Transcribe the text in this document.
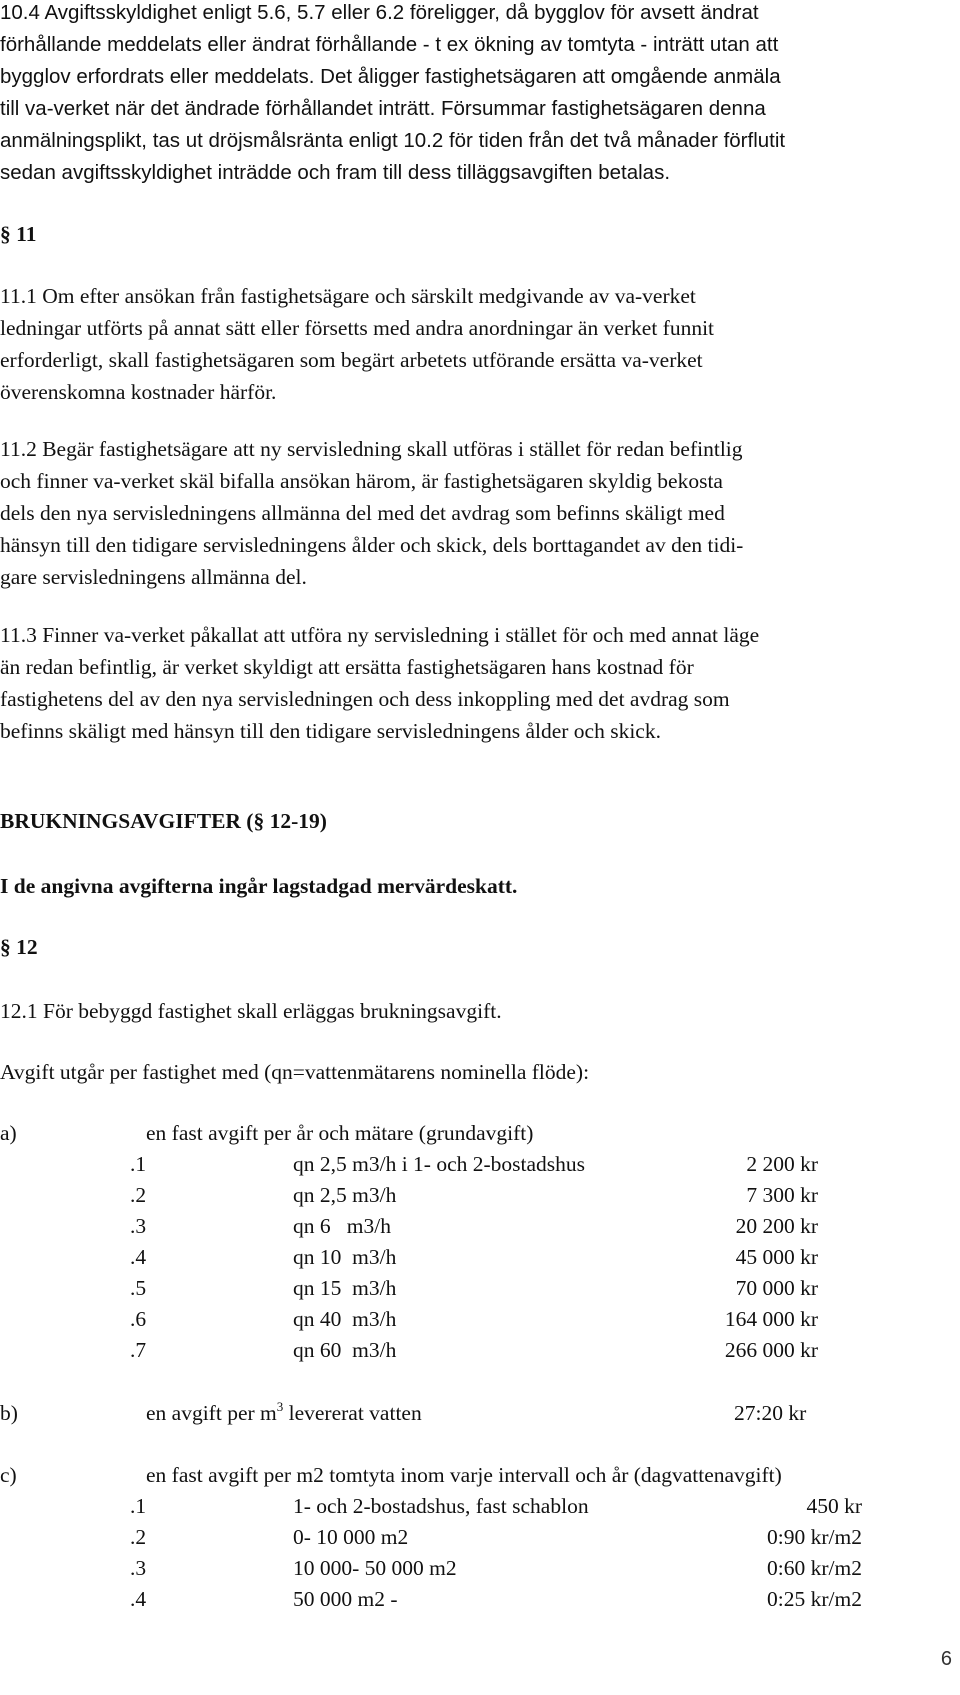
10.4 Avgiftsskyldighet enligt 5.6, 5.7 eller 6.2 föreligger, då bygglov för avsett ändrat
förhållande meddelats eller ändrat förhållande - t ex ökning av tomtyta - inträtt utan att
bygglov erfordrats eller meddelats. Det åligger fastighetsägaren att omgående anmäla
till va-verket när det ändrade förhållandet inträtt. Försummar fastighetsägaren denna
anmälningsplikt, tas ut dröjsmålsränta enligt 10.2 för tiden från det två månader förflutit
sedan avgiftsskyldighet inträdde och fram till dess tilläggsavgiften betalas.
§ 11
11.1 Om efter ansökan från fastighetsägare och särskilt medgivande av va-verket
ledningar utförts på annat sätt eller försetts med andra anordningar än verket funnit
erforderligt, skall fastighetsägaren som begärt arbetets utförande ersätta va-verket
överenskomna kostnader härför.
11.2 Begär fastighetsägare att ny servisledning skall utföras i stället för redan befintlig
och finner va-verket skäl bifalla ansökan härom, är fastighetsägaren skyldig bekosta
dels den nya servisledningens allmänna del med det avdrag som befinns skäligt med
hänsyn till den tidigare servisledningens ålder och skick, dels borttagandet av den tidi-
gare servisledningens allmänna del.
11.3 Finner va-verket påkallat att utföra ny servisledning i stället för och med annat läge
än redan befintlig, är verket skyldigt att ersätta fastighetsägaren hans kostnad för
fastighetens del av den nya servisledningen och dess inkoppling med det avdrag som
befinns skäligt med hänsyn till den tidigare servisledningens ålder och skick.
BRUKNINGSAVGIFTER (§ 12-19)
I de angivna avgifterna ingår lagstadgad mervärdeskatt.
§ 12
12.1 För bebyggd fastighet skall erläggas brukningsavgift.
Avgift utgår per fastighet med (qn=vattenmätarens nominella flöde):
a)	en fast avgift per år och mätare (grundavgift)
.1	qn 2,5 m3/h i 1- och 2-bostadshus	2 200 kr
.2	qn 2,5 m3/h	7 300 kr
.3	qn 6   m3/h	20 200 kr
.4	qn 10  m3/h	45 000 kr
.5	qn 15  m3/h	70 000 kr
.6	qn 40  m3/h	164 000 kr
.7	qn 60  m3/h	266 000 kr
b)	en avgift per $m^3$ levererat vatten	27:20 kr
c)	en fast avgift per m2 tomtyta inom varje intervall och år (dagvattenavgift)
.1	1- och 2-bostadshus, fast schablon	450 kr
.2	0- 10 000 m2	0:90 kr/m2
.3	10 000- 50 000 m2	0:60 kr/m2
.4	50 000 m2 -	0:25 kr/m2
6
